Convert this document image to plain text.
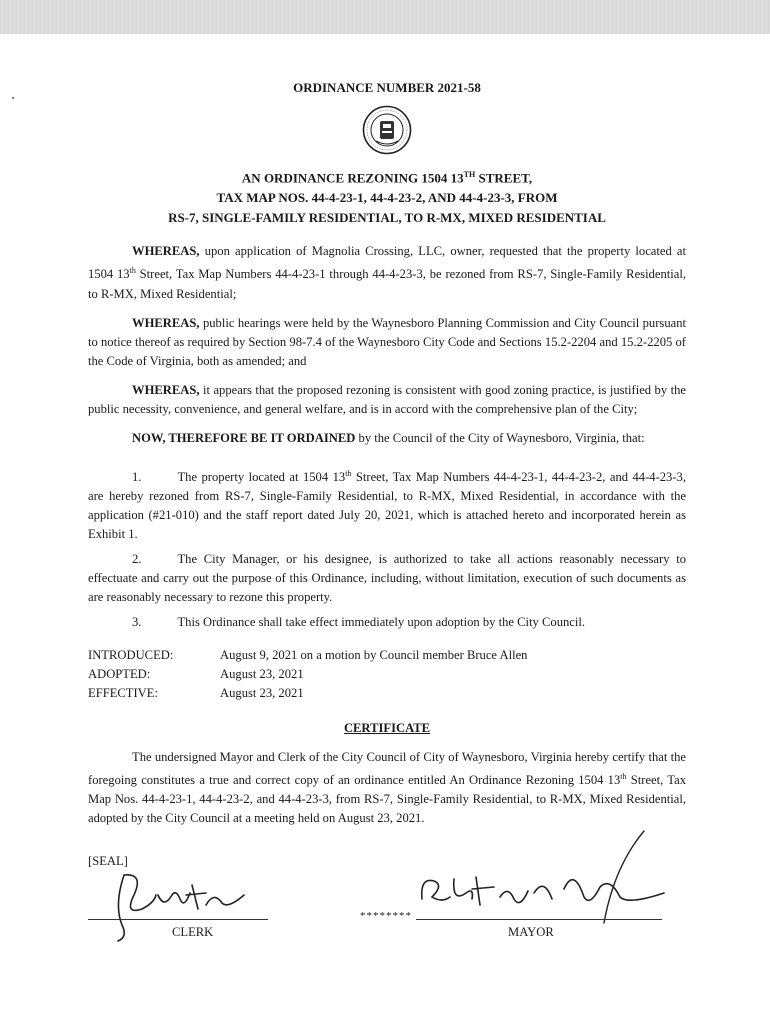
ORDINANCE NUMBER 2021-58
AN ORDINANCE REZONING 1504 13TH STREET,
TAX MAP NOS. 44-4-23-1, 44-4-23-2, AND 44-4-23-3, FROM
RS-7, SINGLE-FAMILY RESIDENTIAL, TO R-MX, MIXED RESIDENTIAL

WHEREAS, upon application of Magnolia Crossing, LLC, owner, requested that the property located at 1504 13th Street, Tax Map Numbers 44-4-23-1 through 44-4-23-3, be rezoned from RS-7, Single-Family Residential, to R-MX, Mixed Residential;

WHEREAS, public hearings were held by the Waynesboro Planning Commission and City Council pursuant to notice thereof as required by Section 98-7.4 of the Waynesboro City Code and Sections 15.2-2204 and 15.2-2205 of the Code of Virginia, both as amended; and

WHEREAS, it appears that the proposed rezoning is consistent with good zoning practice, is justified by the public necessity, convenience, and general welfare, and is in accord with the comprehensive plan of the City;

NOW, THEREFORE BE IT ORDAINED by the Council of the City of Waynesboro, Virginia, that:

1.	The property located at 1504 13th Street, Tax Map Numbers 44-4-23-1, 44-4-23-2, and 44-4-23-3, are hereby rezoned from RS-7, Single-Family Residential, to R-MX, Mixed Residential, in accordance with the application (#21-010) and the staff report dated July 20, 2021, which is attached hereto and incorporated herein as Exhibit 1.

2.	The City Manager, or his designee, is authorized to take all actions reasonably necessary to effectuate and carry out the purpose of this Ordinance, including, without limitation, execution of such documents as are reasonably necessary to rezone this property.

3.	This Ordinance shall take effect immediately upon adoption by the City Council.

INTRODUCED:	August 9, 2021 on a motion by Council member Bruce Allen
ADOPTED:	August 23, 2021
EFFECTIVE:	August 23, 2021
CERTIFICATE

The undersigned Mayor and Clerk of the City Council of City of Waynesboro, Virginia hereby certify that the foregoing constitutes a true and correct copy of an ordinance entitled An Ordinance Rezoning 1504 13th Street, Tax Map Nos. 44-4-23-1, 44-4-23-2, and 44-4-23-3, from RS-7, Single-Family Residential, to R-MX, Mixed Residential, adopted by the City Council at a meeting held on August 23, 2021.

[SEAL]
CLERK
********
MAYOR
